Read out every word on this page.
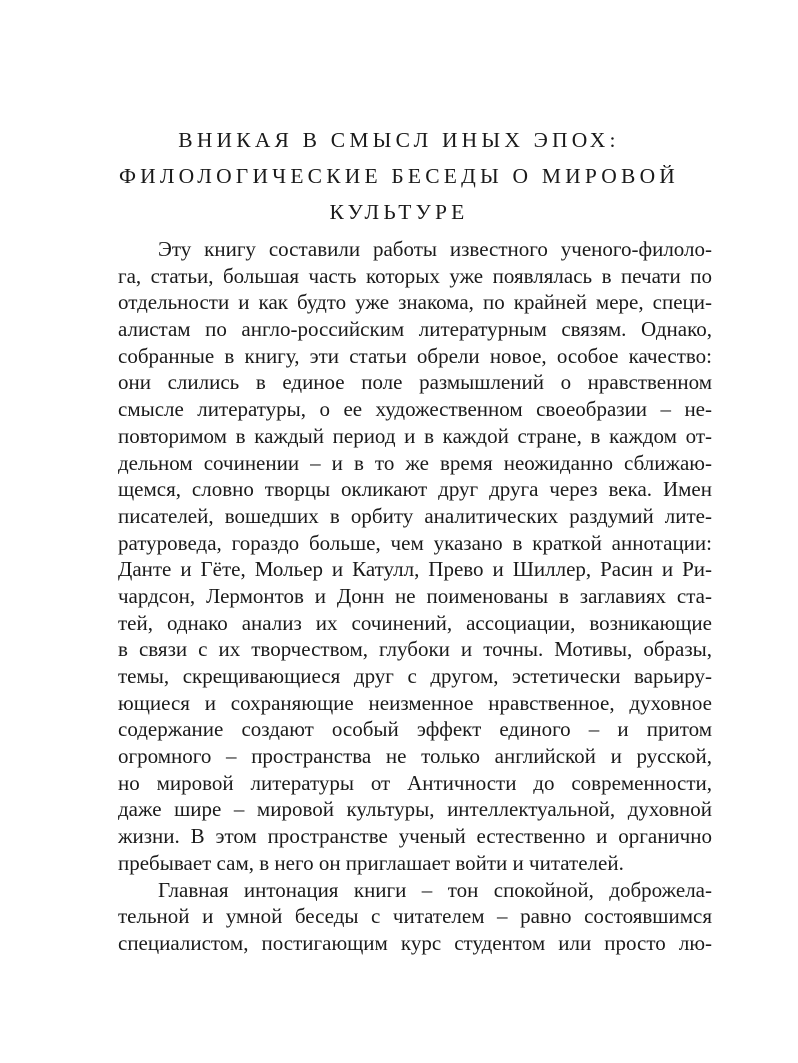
ВНИКАЯ В СМЫСЛ ИНЫХ ЭПОХ:
ФИЛОЛОГИЧЕСКИЕ БЕСЕДЫ О МИРОВОЙ
КУЛЬТУРЕ
Эту книгу составили работы известного ученого-филоло-
га, статьи, большая часть которых уже появлялась в печати по
отдельности и как будто уже знакома, по крайней мере, специ-
алистам по англо-российским литературным связям. Однако,
собранные в книгу, эти статьи обрели новое, особое качество:
они слились в единое поле размышлений о нравственном
смысле литературы, о ее художественном своеобразии – не-
повторимом в каждый период и в каждой стране, в каждом от-
дельном сочинении – и в то же время неожиданно сближаю-
щемся, словно творцы окликают друг друга через века. Имен
писателей, вошедших в орбиту аналитических раздумий лите-
ратуроведа, гораздо больше, чем указано в краткой аннотации:
Данте и Гёте, Мольер и Катулл, Прево и Шиллер, Расин и Ри-
чардсон, Лермонтов и Донн не поименованы в заглавиях ста-
тей, однако анализ их сочинений, ассоциации, возникающие
в связи с их творчеством, глубоки и точны. Мотивы, образы,
темы, скрещивающиеся друг с другом, эстетически варьиру-
ющиеся и сохраняющие неизменное нравственное, духовное
содержание создают особый эффект единого – и притом
огромного – пространства не только английской и русской,
но мировой литературы от Античности до современности,
даже шире – мировой культуры, интеллектуальной, духовной
жизни. В этом пространстве ученый естественно и органично
пребывает сам, в него он приглашает войти и читателей.
Главная интонация книги – тон спокойной, доброжела-
тельной и умной беседы с читателем – равно состоявшимся
специалистом, постигающим курс студентом или просто лю-
